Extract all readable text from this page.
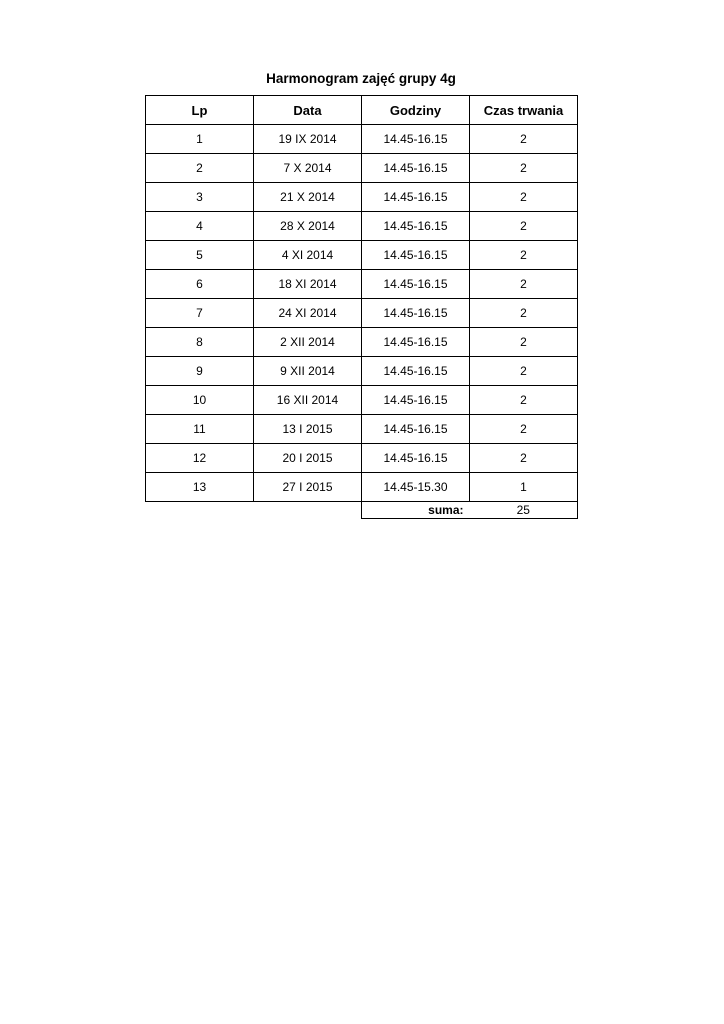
Harmonogram zajęć grupy 4g
Lp	Data	Godziny	Czas trwania
1	19 IX 2014	14.45-16.15	2
2	7 X 2014	14.45-16.15	2
3	21 X 2014	14.45-16.15	2
4	28 X 2014	14.45-16.15	2
5	4 XI 2014	14.45-16.15	2
6	18 XI 2014	14.45-16.15	2
7	24 XI 2014	14.45-16.15	2
8	2 XII 2014	14.45-16.15	2
9	9 XII 2014	14.45-16.15	2
10	16 XII 2014	14.45-16.15	2
11	13 I 2015	14.45-16.15	2
12	20 I 2015	14.45-16.15	2
13	27 I 2015	14.45-15.30	1
		suma:	25
